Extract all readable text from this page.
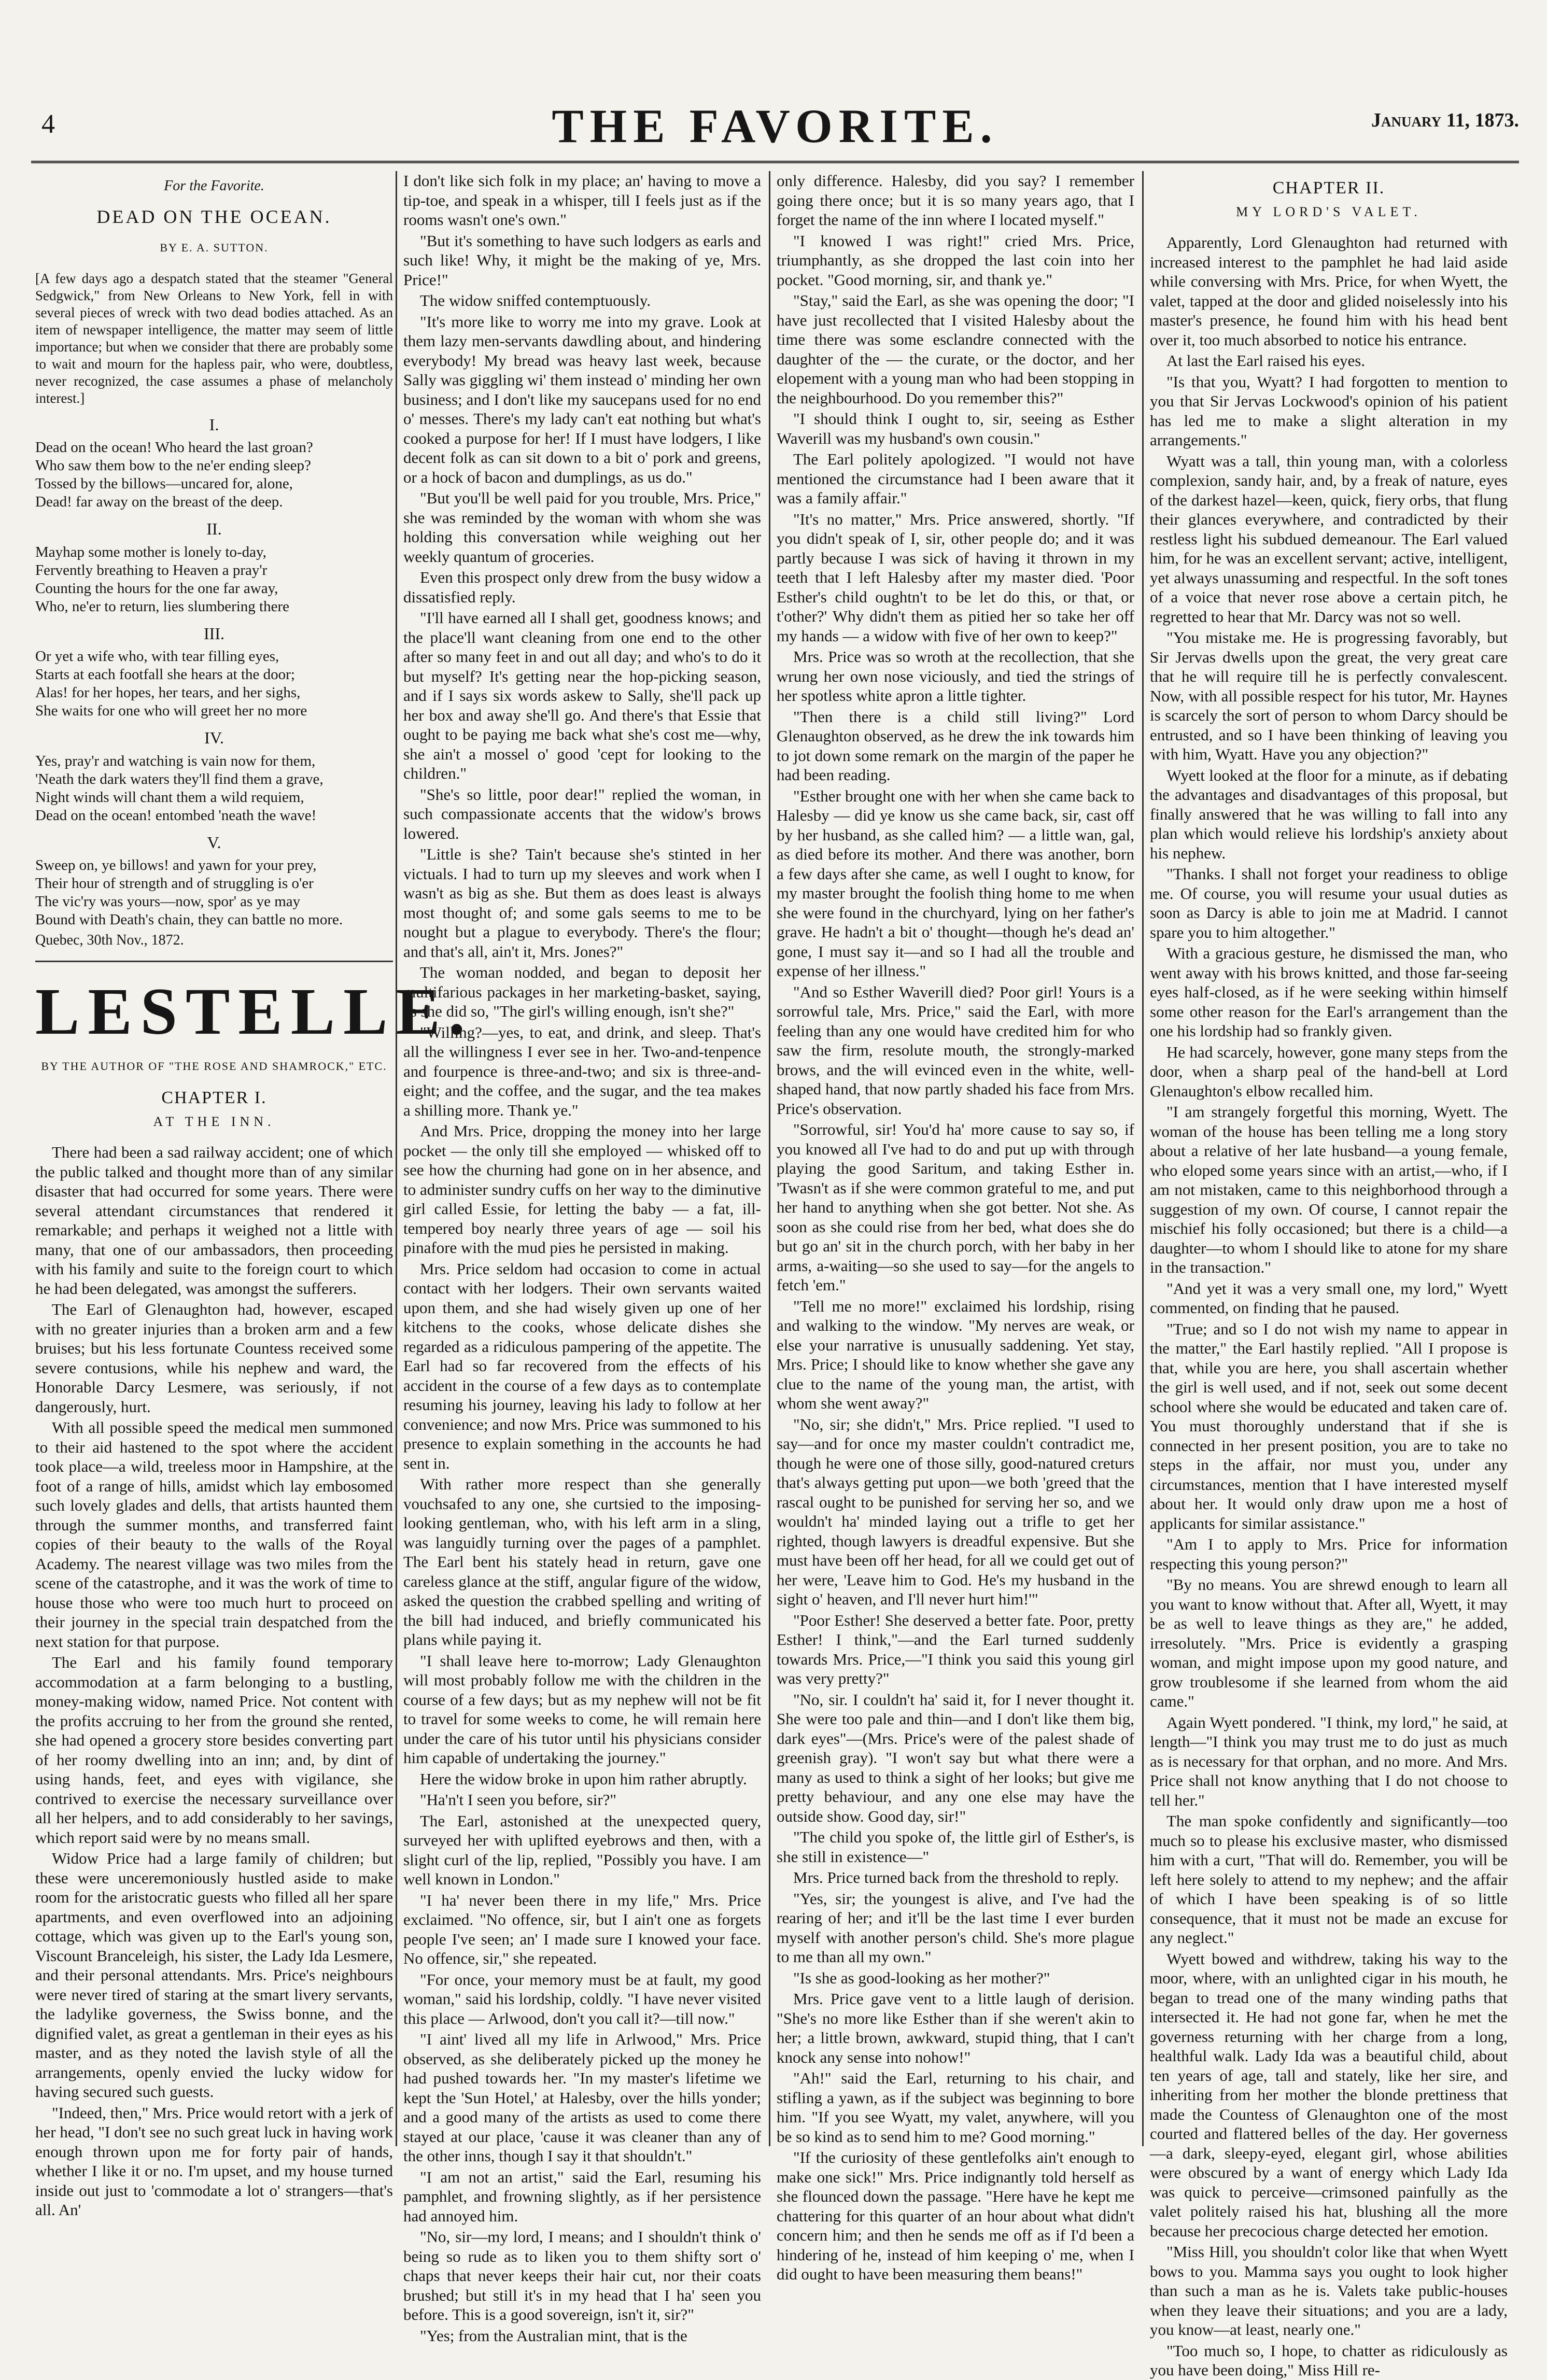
4	THE FAVORITE.	January 11, 1873.
For the Favorite.
DEAD ON THE OCEAN.
BY E. A. SUTTON.

[A few days ago a despatch stated that the steamer "General Sedgwick," from New Orleans to New York, fell in with several pieces of wreck with two dead bodies attached. As an item of newspaper intelligence, the matter may seem of little importance; but when we consider that there are probably some to wait and mourn for the hapless pair, who were, doubtless, never recognized, the case assumes a phase of melancholy interest.]

I.

Dead on the ocean! Who heard the last groan?
Who saw them bow to the ne'er ending sleep?
Tossed by the billows—uncared for, alone,
Dead! far away on the breast of the deep.

II.

Mayhap some mother is lonely to-day,
Fervently breathing to Heaven a pray'r
Counting the hours for the one far away,
Who, ne'er to return, lies slumbering there

III.

Or yet a wife who, with tear filling eyes,
Starts at each footfall she hears at the door;
Alas! for her hopes, her tears, and her sighs,
She waits for one who will greet her no more

IV.

Yes, pray'r and watching is vain now for them,
'Neath the dark waters they'll find them a grave,
Night winds will chant them a wild requiem,
Dead on the ocean! entombed 'neath the wave!

V.

Sweep on, ye billows! and yawn for your prey,
Their hour of strength and of struggling is o'er
The vic'ry was yours—now, spor' as ye may
Bound with Death's chain, they can battle no more.

Quebec, 30th Nov., 1872.

LESTELLE.
BY THE AUTHOR OF "THE ROSE AND SHAMROCK," ETC.
CHAPTER I.
AT THE INN.

There had been a sad railway accident; one of which the public talked and thought more than of any similar disaster that had occurred for some years. There were several attendant circumstances that rendered it remarkable; and perhaps it weighed not a little with many, that one of our ambassadors, then proceeding with his family and suite to the foreign court to which he had been delegated, was amongst the sufferers.

The Earl of Glenaughton had, however, escaped with no greater injuries than a broken arm and a few bruises; but his less fortunate Countess received some severe contusions, while his nephew and ward, the Honorable Darcy Lesmere, was seriously, if not dangerously, hurt.

With all possible speed the medical men summoned to their aid hastened to the spot where the accident took place—a wild, treeless moor in Hampshire, at the foot of a range of hills, amidst which lay embosomed such lovely glades and dells, that artists haunted them through the summer months, and transferred faint copies of their beauty to the walls of the Royal Academy. The nearest village was two miles from the scene of the catastrophe, and it was the work of time to house those who were too much hurt to proceed on their journey in the special train despatched from the next station for that purpose.

The Earl and his family found temporary accommodation at a farm belonging to a bustling, money-making widow, named Price. Not content with the profits accruing to her from the ground she rented, she had opened a grocery store besides converting part of her roomy dwelling into an inn; and, by dint of using hands, feet, and eyes with vigilance, she contrived to exercise the necessary surveillance over all her helpers, and to add considerably to her savings, which report said were by no means small.

Widow Price had a large family of children; but these were unceremoniously hustled aside to make room for the aristocratic guests who filled all her spare apartments, and even overflowed into an adjoining cottage, which was given up to the Earl's young son, Viscount Branceleigh, his sister, the Lady Ida Lesmere, and their personal attendants. Mrs. Price's neighbours were never tired of staring at the smart livery servants, the ladylike governess, the Swiss bonne, and the dignified valet, as great a gentleman in their eyes as his master, and as they noted the lavish style of all the arrangements, openly envied the lucky widow for having secured such guests.

"Indeed, then," Mrs. Price would retort with a jerk of her head, "I don't see no such great luck in having work enough thrown upon me for forty pair of hands, whether I like it or no. I'm upset, and my house turned inside out just to 'commodate a lot o' strangers—that's all. An'

I don't like sich folk in my place; an' having to move a tip-toe, and speak in a whisper, till I feels just as if the rooms wasn't one's own."

"But it's something to have such lodgers as earls and such like! Why, it might be the making of ye, Mrs. Price!"

The widow sniffed contemptuously.

"It's more like to worry me into my grave. Look at them lazy men-servants dawdling about, and hindering everybody! My bread was heavy last week, because Sally was giggling wi' them instead o' minding her own business; and I don't like my saucepans used for no end o' messes. There's my lady can't eat nothing but what's cooked a purpose for her! If I must have lodgers, I like decent folk as can sit down to a bit o' pork and greens, or a hock of bacon and dumplings, as us do."

"But you'll be well paid for you trouble, Mrs. Price," she was reminded by the woman with whom she was holding this conversation while weighing out her weekly quantum of groceries.

Even this prospect only drew from the busy widow a dissatisfied reply.

"I'll have earned all I shall get, goodness knows; and the place'll want cleaning from one end to the other after so many feet in and out all day; and who's to do it but myself? It's getting near the hop-picking season, and if I says six words askew to Sally, she'll pack up her box and away she'll go. And there's that Essie that ought to be paying me back what she's cost me—why, she ain't a mossel o' good 'cept for looking to the children."

"She's so little, poor dear!" replied the woman, in such compassionate accents that the widow's brows lowered.

"Little is she? Tain't because she's stinted in her victuals. I had to turn up my sleeves and work when I wasn't as big as she. But them as does least is always most thought of; and some gals seems to me to be nought but a plague to everybody. There's the flour; and that's all, ain't it, Mrs. Jones?"

The woman nodded, and began to deposit her multifarious packages in her marketing-basket, saying, as she did so, "The girl's willing enough, isn't she?"

"Willing?—yes, to eat, and drink, and sleep. That's all the willingness I ever see in her. Two-and-tenpence and fourpence is three-and-two; and six is three-and-eight; and the coffee, and the sugar, and the tea makes a shilling more. Thank ye."

And Mrs. Price, dropping the money into her large pocket — the only till she employed — whisked off to see how the churning had gone on in her absence, and to administer sundry cuffs on her way to the diminutive girl called Essie, for letting the baby — a fat, ill-tempered boy nearly three years of age — soil his pinafore with the mud pies he persisted in making.

Mrs. Price seldom had occasion to come in actual contact with her lodgers. Their own servants waited upon them, and she had wisely given up one of her kitchens to the cooks, whose delicate dishes she regarded as a ridiculous pampering of the appetite. The Earl had so far recovered from the effects of his accident in the course of a few days as to contemplate resuming his journey, leaving his lady to follow at her convenience; and now Mrs. Price was summoned to his presence to explain something in the accounts he had sent in.

With rather more respect than she generally vouchsafed to any one, she curtsied to the imposing-looking gentleman, who, with his left arm in a sling, was languidly turning over the pages of a pamphlet. The Earl bent his stately head in return, gave one careless glance at the stiff, angular figure of the widow, asked the question the crabbed spelling and writing of the bill had induced, and briefly communicated his plans while paying it.

"I shall leave here to-morrow; Lady Glenaughton will most probably follow me with the children in the course of a few days; but as my nephew will not be fit to travel for some weeks to come, he will remain here under the care of his tutor until his physicians consider him capable of undertaking the journey."

Here the widow broke in upon him rather abruptly.

"Ha'n't I seen you before, sir?"

The Earl, astonished at the unexpected query, surveyed her with uplifted eyebrows and then, with a slight curl of the lip, replied, "Possibly you have. I am well known in London."

"I ha' never been there in my life," Mrs. Price exclaimed. "No offence, sir, but I ain't one as forgets people I've seen; an' I made sure I knowed your face. No offence, sir," she repeated.

"For once, your memory must be at fault, my good woman," said his lordship, coldly. "I have never visited this place — Arlwood, don't you call it?—till now."

"I aint' lived all my life in Arlwood," Mrs. Price observed, as she deliberately picked up the money he had pushed towards her. "In my master's lifetime we kept the 'Sun Hotel,' at Halesby, over the hills yonder; and a good many of the artists as used to come there stayed at our place, 'cause it was cleaner than any of the other inns, though I say it that shouldn't."

"I am not an artist," said the Earl, resuming his pamphlet, and frowning slightly, as if her persistence had annoyed him.

"No, sir—my lord, I means; and I shouldn't think o' being so rude as to liken you to them shifty sort o' chaps that never keeps their hair cut, nor their coats brushed; but still it's in my head that I ha' seen you before. This is a good sovereign, isn't it, sir?"

"Yes; from the Australian mint, that is the

only difference. Halesby, did you say? I remember going there once; but it is so many years ago, that I forget the name of the inn where I located myself."

"I knowed I was right!" cried Mrs. Price, triumphantly, as she dropped the last coin into her pocket. "Good morning, sir, and thank ye."

"Stay," said the Earl, as she was opening the door; "I have just recollected that I visited Halesby about the time there was some esclandre connected with the daughter of the — the curate, or the doctor, and her elopement with a young man who had been stopping in the neighbourhood. Do you remember this?"

"I should think I ought to, sir, seeing as Esther Waverill was my husband's own cousin."

The Earl politely apologized. "I would not have mentioned the circumstance had I been aware that it was a family affair."

"It's no matter," Mrs. Price answered, shortly. "If you didn't speak of I, sir, other people do; and it was partly because I was sick of having it thrown in my teeth that I left Halesby after my master died. 'Poor Esther's child oughtn't to be let do this, or that, or t'other?' Why didn't them as pitied her so take her off my hands — a widow with five of her own to keep?"

Mrs. Price was so wroth at the recollection, that she wrung her own nose viciously, and tied the strings of her spotless white apron a little tighter.

"Then there is a child still living?" Lord Glenaughton observed, as he drew the ink towards him to jot down some remark on the margin of the paper he had been reading.

"Esther brought one with her when she came back to Halesby — did ye know us she came back, sir, cast off by her husband, as she called him? — a little wan, gal, as died before its mother. And there was another, born a few days after she came, as well I ought to know, for my master brought the foolish thing home to me when she were found in the churchyard, lying on her father's grave. He hadn't a bit o' thought—though he's dead an' gone, I must say it—and so I had all the trouble and expense of her illness."

"And so Esther Waverill died? Poor girl! Yours is a sorrowful tale, Mrs. Price," said the Earl, with more feeling than any one would have credited him for who saw the firm, resolute mouth, the strongly-marked brows, and the will evinced even in the white, well-shaped hand, that now partly shaded his face from Mrs. Price's observation.

"Sorrowful, sir! You'd ha' more cause to say so, if you knowed all I've had to do and put up with through playing the good Saritum, and taking Esther in. 'Twasn't as if she were common grateful to me, and put her hand to anything when she got better. Not she. As soon as she could rise from her bed, what does she do but go an' sit in the church porch, with her baby in her arms, a-waiting—so she used to say—for the angels to fetch 'em."

"Tell me no more!" exclaimed his lordship, rising and walking to the window. "My nerves are weak, or else your narrative is unusually saddening. Yet stay, Mrs. Price; I should like to know whether she gave any clue to the name of the young man, the artist, with whom she went away?"

"No, sir; she didn't," Mrs. Price replied. "I used to say—and for once my master couldn't contradict me, though he were one of those silly, good-natured creturs that's always getting put upon—we both 'greed that the rascal ought to be punished for serving her so, and we wouldn't ha' minded laying out a trifle to get her righted, though lawyers is dreadful expensive. But she must have been off her head, for all we could get out of her were, 'Leave him to God. He's my husband in the sight o' heaven, and I'll never hurt him!'"

"Poor Esther! She deserved a better fate. Poor, pretty Esther! I think,"—and the Earl turned suddenly towards Mrs. Price,—"I think you said this young girl was very pretty?"

"No, sir. I couldn't ha' said it, for I never thought it. She were too pale and thin—and I don't like them big, dark eyes"—(Mrs. Price's were of the palest shade of greenish gray). "I won't say but what there were a many as used to think a sight of her looks; but give me pretty behaviour, and any one else may have the outside show. Good day, sir!"

"The child you spoke of, the little girl of Esther's, is she still in existence—"

Mrs. Price turned back from the threshold to reply.

"Yes, sir; the youngest is alive, and I've had the rearing of her; and it'll be the last time I ever burden myself with another person's child. She's more plague to me than all my own."

"Is she as good-looking as her mother?"

Mrs. Price gave vent to a little laugh of derision. "She's no more like Esther than if she weren't akin to her; a little brown, awkward, stupid thing, that I can't knock any sense into nohow!"

"Ah!" said the Earl, returning to his chair, and stifling a yawn, as if the subject was beginning to bore him. "If you see Wyatt, my valet, anywhere, will you be so kind as to send him to me? Good morning."

"If the curiosity of these gentlefolks ain't enough to make one sick!" Mrs. Price indignantly told herself as she flounced down the passage. "Here have he kept me chattering for this quarter of an hour about what didn't concern him; and then he sends me off as if I'd been a hindering of he, instead of him keeping o' me, when I did ought to have been measuring them beans!"

CHAPTER II.
MY LORD'S VALET.

Apparently, Lord Glenaughton had returned with increased interest to the pamphlet he had laid aside while conversing with Mrs. Price, for when Wyett, the valet, tapped at the door and glided noiselessly into his master's presence, he found him with his head bent over it, too much absorbed to notice his entrance.

At last the Earl raised his eyes.

"Is that you, Wyatt? I had forgotten to mention to you that Sir Jervas Lockwood's opinion of his patient has led me to make a slight alteration in my arrangements."

Wyatt was a tall, thin young man, with a colorless complexion, sandy hair, and, by a freak of nature, eyes of the darkest hazel—keen, quick, fiery orbs, that flung their glances everywhere, and contradicted by their restless light his subdued demeanour. The Earl valued him, for he was an excellent servant; active, intelligent, yet always unassuming and respectful. In the soft tones of a voice that never rose above a certain pitch, he regretted to hear that Mr. Darcy was not so well.

"You mistake me. He is progressing favorably, but Sir Jervas dwells upon the great, the very great care that he will require till he is perfectly convalescent. Now, with all possible respect for his tutor, Mr. Haynes is scarcely the sort of person to whom Darcy should be entrusted, and so I have been thinking of leaving you with him, Wyatt. Have you any objection?"

Wyett looked at the floor for a minute, as if debating the advantages and disadvantages of this proposal, but finally answered that he was willing to fall into any plan which would relieve his lordship's anxiety about his nephew.

"Thanks. I shall not forget your readiness to oblige me. Of course, you will resume your usual duties as soon as Darcy is able to join me at Madrid. I cannot spare you to him altogether."

With a gracious gesture, he dismissed the man, who went away with his brows knitted, and those far-seeing eyes half-closed, as if he were seeking within himself some other reason for the Earl's arrangement than the one his lordship had so frankly given.

He had scarcely, however, gone many steps from the door, when a sharp peal of the hand-bell at Lord Glenaughton's elbow recalled him.

"I am strangely forgetful this morning, Wyett. The woman of the house has been telling me a long story about a relative of her late husband—a young female, who eloped some years since with an artist,—who, if I am not mistaken, came to this neighborhood through a suggestion of my own. Of course, I cannot repair the mischief his folly occasioned; but there is a child—a daughter—to whom I should like to atone for my share in the transaction."

"And yet it was a very small one, my lord," Wyett commented, on finding that he paused.

"True; and so I do not wish my name to appear in the matter," the Earl hastily replied. "All I propose is that, while you are here, you shall ascertain whether the girl is well used, and if not, seek out some decent school where she would be educated and taken care of. You must thoroughly understand that if she is connected in her present position, you are to take no steps in the affair, nor must you, under any circumstances, mention that I have interested myself about her. It would only draw upon me a host of applicants for similar assistance."

"Am I to apply to Mrs. Price for information respecting this young person?"

"By no means. You are shrewd enough to learn all you want to know without that. After all, Wyett, it may be as well to leave things as they are," he added, irresolutely. "Mrs. Price is evidently a grasping woman, and might impose upon my good nature, and grow troublesome if she learned from whom the aid came."

Again Wyett pondered. "I think, my lord," he said, at length—"I think you may trust me to do just as much as is necessary for that orphan, and no more. And Mrs. Price shall not know anything that I do not choose to tell her."

The man spoke confidently and significantly—too much so to please his exclusive master, who dismissed him with a curt, "That will do. Remember, you will be left here solely to attend to my nephew; and the affair of which I have been speaking is of so little consequence, that it must not be made an excuse for any neglect."

Wyett bowed and withdrew, taking his way to the moor, where, with an unlighted cigar in his mouth, he began to tread one of the many winding paths that intersected it. He had not gone far, when he met the governess returning with her charge from a long, healthful walk. Lady Ida was a beautiful child, about ten years of age, tall and stately, like her sire, and inheriting from her mother the blonde prettiness that made the Countess of Glenaughton one of the most courted and flattered belles of the day. Her governess—a dark, sleepy-eyed, elegant girl, whose abilities were obscured by a want of energy which Lady Ida was quick to perceive—crimsoned painfully as the valet politely raised his hat, blushing all the more because her precocious charge detected her emotion.

"Miss Hill, you shouldn't color like that when Wyett bows to you. Mamma says you ought to look higher than such a man as he is. Valets take public-houses when they leave their situations; and you are a lady, you know—at least, nearly one."

"Too much so, I hope, to chatter as ridiculously as you have been doing," Miss Hill re-
